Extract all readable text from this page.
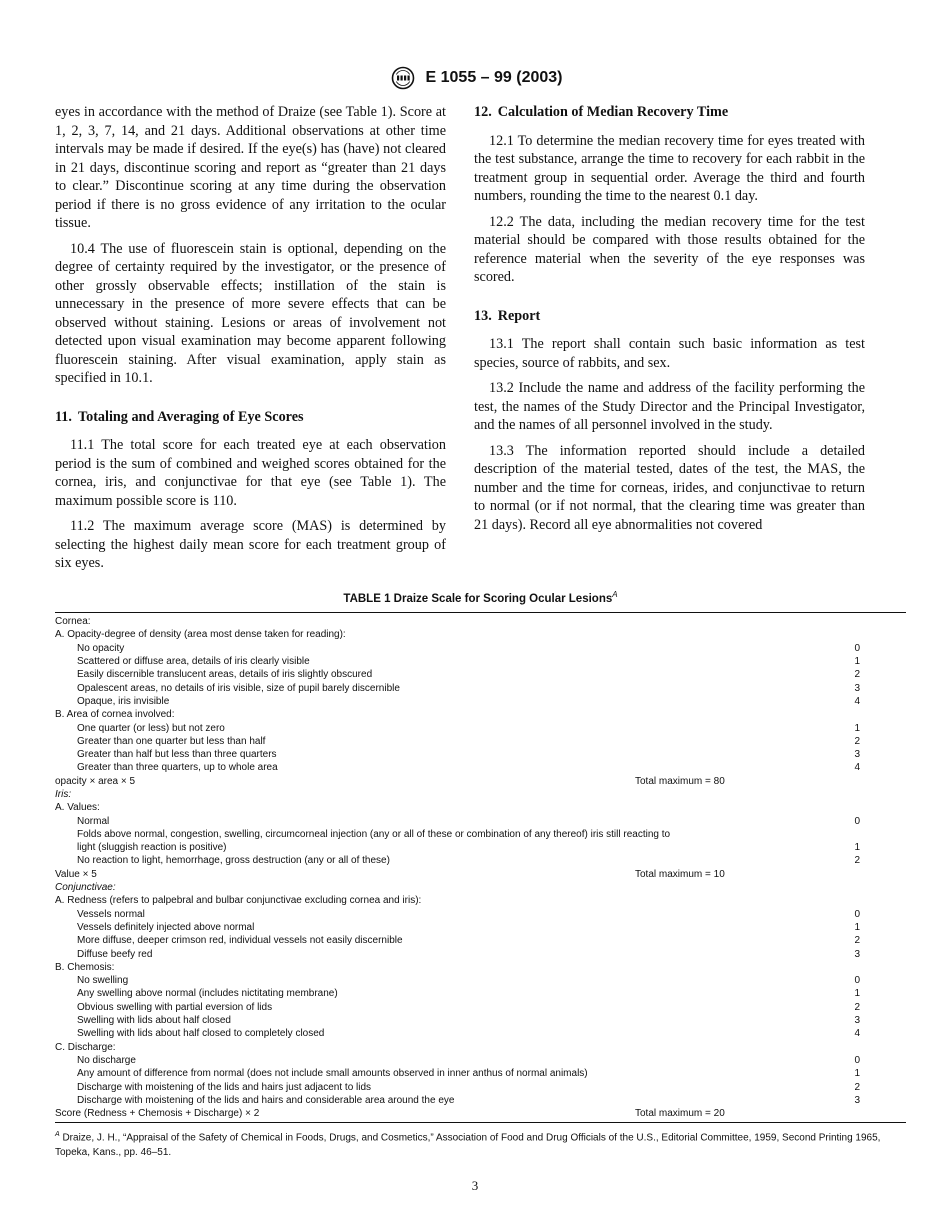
E 1055 – 99 (2003)

eyes in accordance with the method of Draize (see Table 1). Score at 1, 2, 3, 7, 14, and 21 days. Additional observations at other time intervals may be made if desired. If the eye(s) has (have) not cleared in 21 days, discontinue scoring and report as “greater than 21 days to clear.” Discontinue scoring at any time during the observation period if there is no gross evidence of any irritation to the ocular tissue.

10.4 The use of fluorescein stain is optional, depending on the degree of certainty required by the investigator, or the presence of other grossly observable effects; instillation of the stain is unnecessary in the presence of more severe effects that can be observed without staining. Lesions or areas of involvement not detected upon visual examination may become apparent following fluorescein staining. After visual examination, apply stain as specified in 10.1.

11. Totaling and Averaging of Eye Scores

11.1 The total score for each treated eye at each observation period is the sum of combined and weighed scores obtained for the cornea, iris, and conjunctivae for that eye (see Table 1). The maximum possible score is 110.

11.2 The maximum average score (MAS) is determined by selecting the highest daily mean score for each treatment group of six eyes.

12. Calculation of Median Recovery Time

12.1 To determine the median recovery time for eyes treated with the test substance, arrange the time to recovery for each rabbit in the treatment group in sequential order. Average the third and fourth numbers, rounding the time to the nearest 0.1 day.

12.2 The data, including the median recovery time for the test material should be compared with those results obtained for the reference material when the severity of the eye responses was scored.

13. Report

13.1 The report shall contain such basic information as test species, source of rabbits, and sex.

13.2 Include the name and address of the facility performing the test, the names of the Study Director and the Principal Investigator, and the names of all personnel involved in the study.

13.3 The information reported should include a detailed description of the material tested, dates of the test, the MAS, the number and the time for corneas, irides, and conjunctivae to return to normal (or if not normal, that the clearing time was greater than 21 days). Record all eye abnormalities not covered

TABLE 1 Draize Scale for Scoring Ocular Lesions$^A$
Cornea:
A. Opacity-degree of density (area most dense taken for reading):
No opacity	0
Scattered or diffuse area, details of iris clearly visible	1
Easily discernible translucent areas, details of iris slightly obscured	2
Opalescent areas, no details of iris visible, size of pupil barely discernible	3
Opaque, iris invisible	4
B. Area of cornea involved:
One quarter (or less) but not zero	1
Greater than one quarter but less than half	2
Greater than half but less than three quarters	3
Greater than three quarters, up to whole area	4
opacity × area × 5	Total maximum = 80
Iris:
A. Values:
Normal	0
Folds above normal, congestion, swelling, circumcorneal injection (any or all of these or combination of any thereof) iris still reacting to
light (sluggish reaction is positive)	1
No reaction to light, hemorrhage, gross destruction (any or all of these)	2
Value × 5	Total maximum = 10
Conjunctivae:
A. Redness (refers to palpebral and bulbar conjunctivae excluding cornea and iris):
Vessels normal	0
Vessels definitely injected above normal	1
More diffuse, deeper crimson red, individual vessels not easily discernible	2
Diffuse beefy red	3
B. Chemosis:
No swelling	0
Any swelling above normal (includes nictitating membrane)	1
Obvious swelling with partial eversion of lids	2
Swelling with lids about half closed	3
Swelling with lids about half closed to completely closed	4
C. Discharge:
No discharge	0
Any amount of difference from normal (does not include small amounts observed in inner anthus of normal animals)	1
Discharge with moistening of the lids and hairs just adjacent to lids	2
Discharge with moistening of the lids and hairs and considerable area around the eye	3
Score (Redness + Chemosis + Discharge) × 2	Total maximum = 20
$^A$ Draize, J. H., “Appraisal of the Safety of Chemical in Foods, Drugs, and Cosmetics,” Association of Food and Drug Officials of the U.S., Editorial Committee, 1959, Second Printing 1965, Topeka, Kans., pp. 46–51.
3
